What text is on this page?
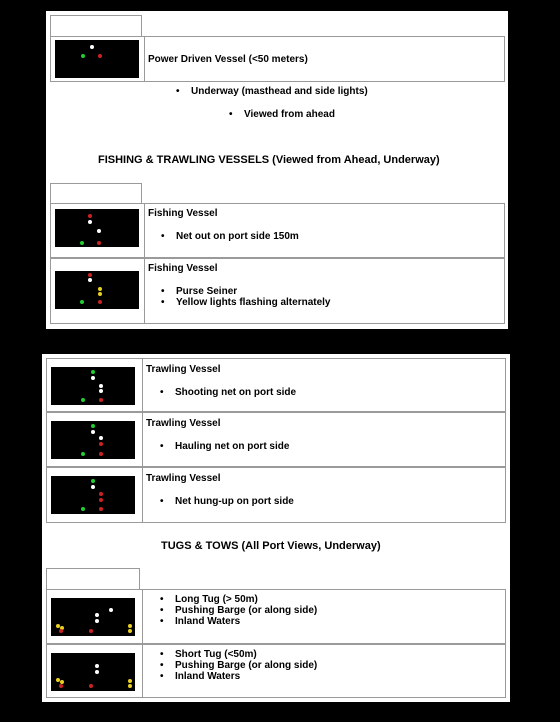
Power Driven Vessel (<50 meters)
• Underway (masthead and side lights)
• Viewed from ahead
FISHING & TRAWLING VESSELS (Viewed from Ahead, Underway)
Fishing Vessel
• Net out on port side 150m
Fishing Vessel
• Purse Seiner
• Yellow lights flashing alternately
Trawling Vessel
• Shooting net on port side
Trawling Vessel
• Hauling net on port side
Trawling Vessel
• Net hung-up on port side
TUGS & TOWS (All Port Views, Underway)
• Long Tug (> 50m)
• Pushing Barge (or along side)
• Inland Waters
• Short Tug (<50m)
• Pushing Barge (or along side)
• Inland Waters
